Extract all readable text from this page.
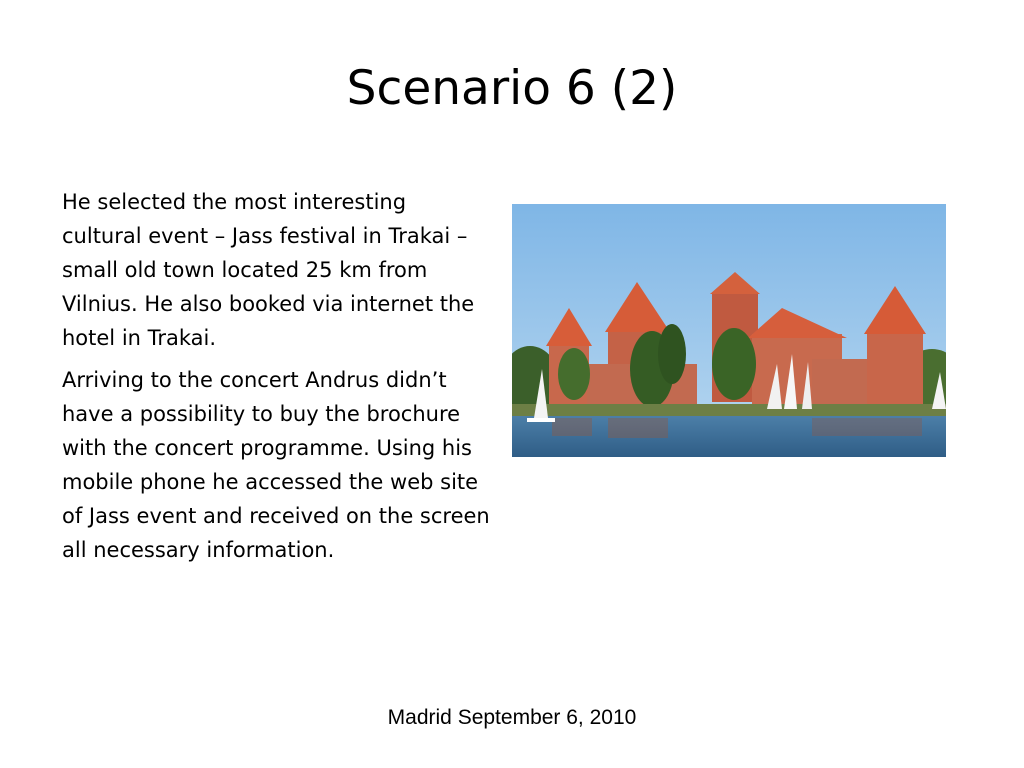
Scenario 6 (2)

He selected the most interesting cultural event – Jass festival in Trakai – small old town located 25 km from Vilnius. He also booked via internet the hotel in Trakai.

Arriving to the concert Andrus didn’t have a possibility to buy the brochure with the concert programme. Using his mobile phone he accessed the web site of Jass event and received on the screen all necessary information.

Madrid September 6, 2010
